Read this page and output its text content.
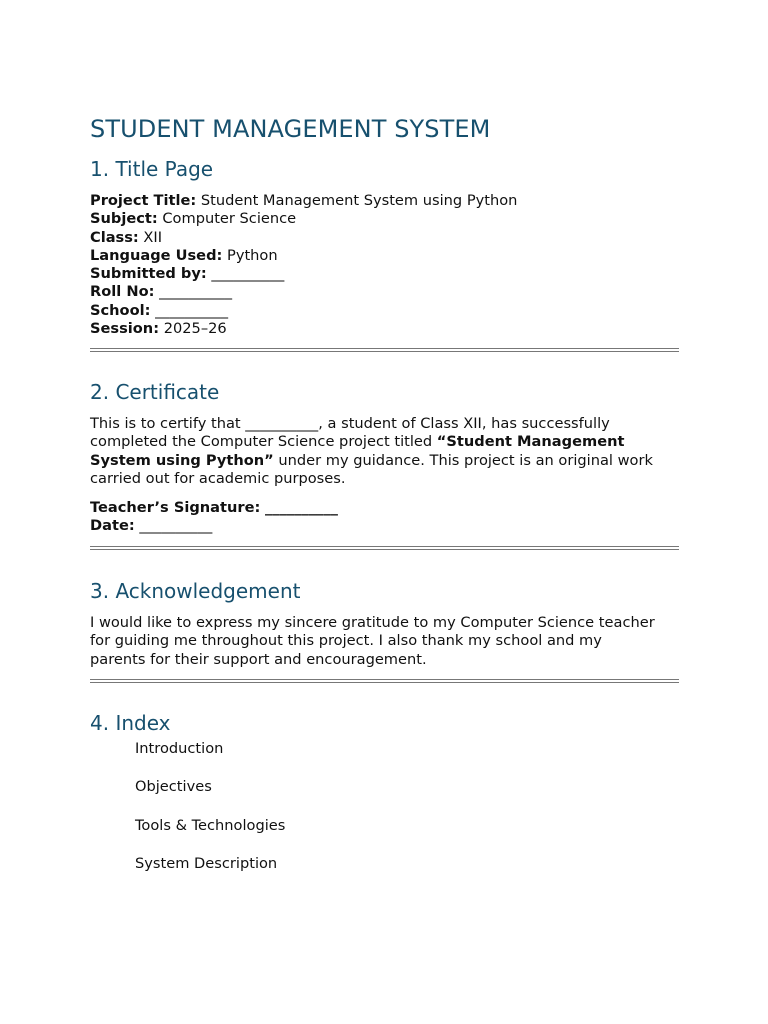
STUDENT MANAGEMENT SYSTEM
1. Title Page
Project Title: Student Management System using Python
Subject: Computer Science
Class: XII
Language Used: Python
Submitted by: __________
Roll No: __________
School: __________
Session: 2025–26
2. Certificate
This is to certify that __________, a student of Class XII, has successfully
completed the Computer Science project titled “Student Management
System using Python” under my guidance. This project is an original work
carried out for academic purposes.
Teacher’s Signature: __________
Date: __________
3. Acknowledgement
I would like to express my sincere gratitude to my Computer Science teacher
for guiding me throughout this project. I also thank my school and my
parents for their support and encouragement.
4. Index
Introduction
Objectives
Tools & Technologies
System Description
